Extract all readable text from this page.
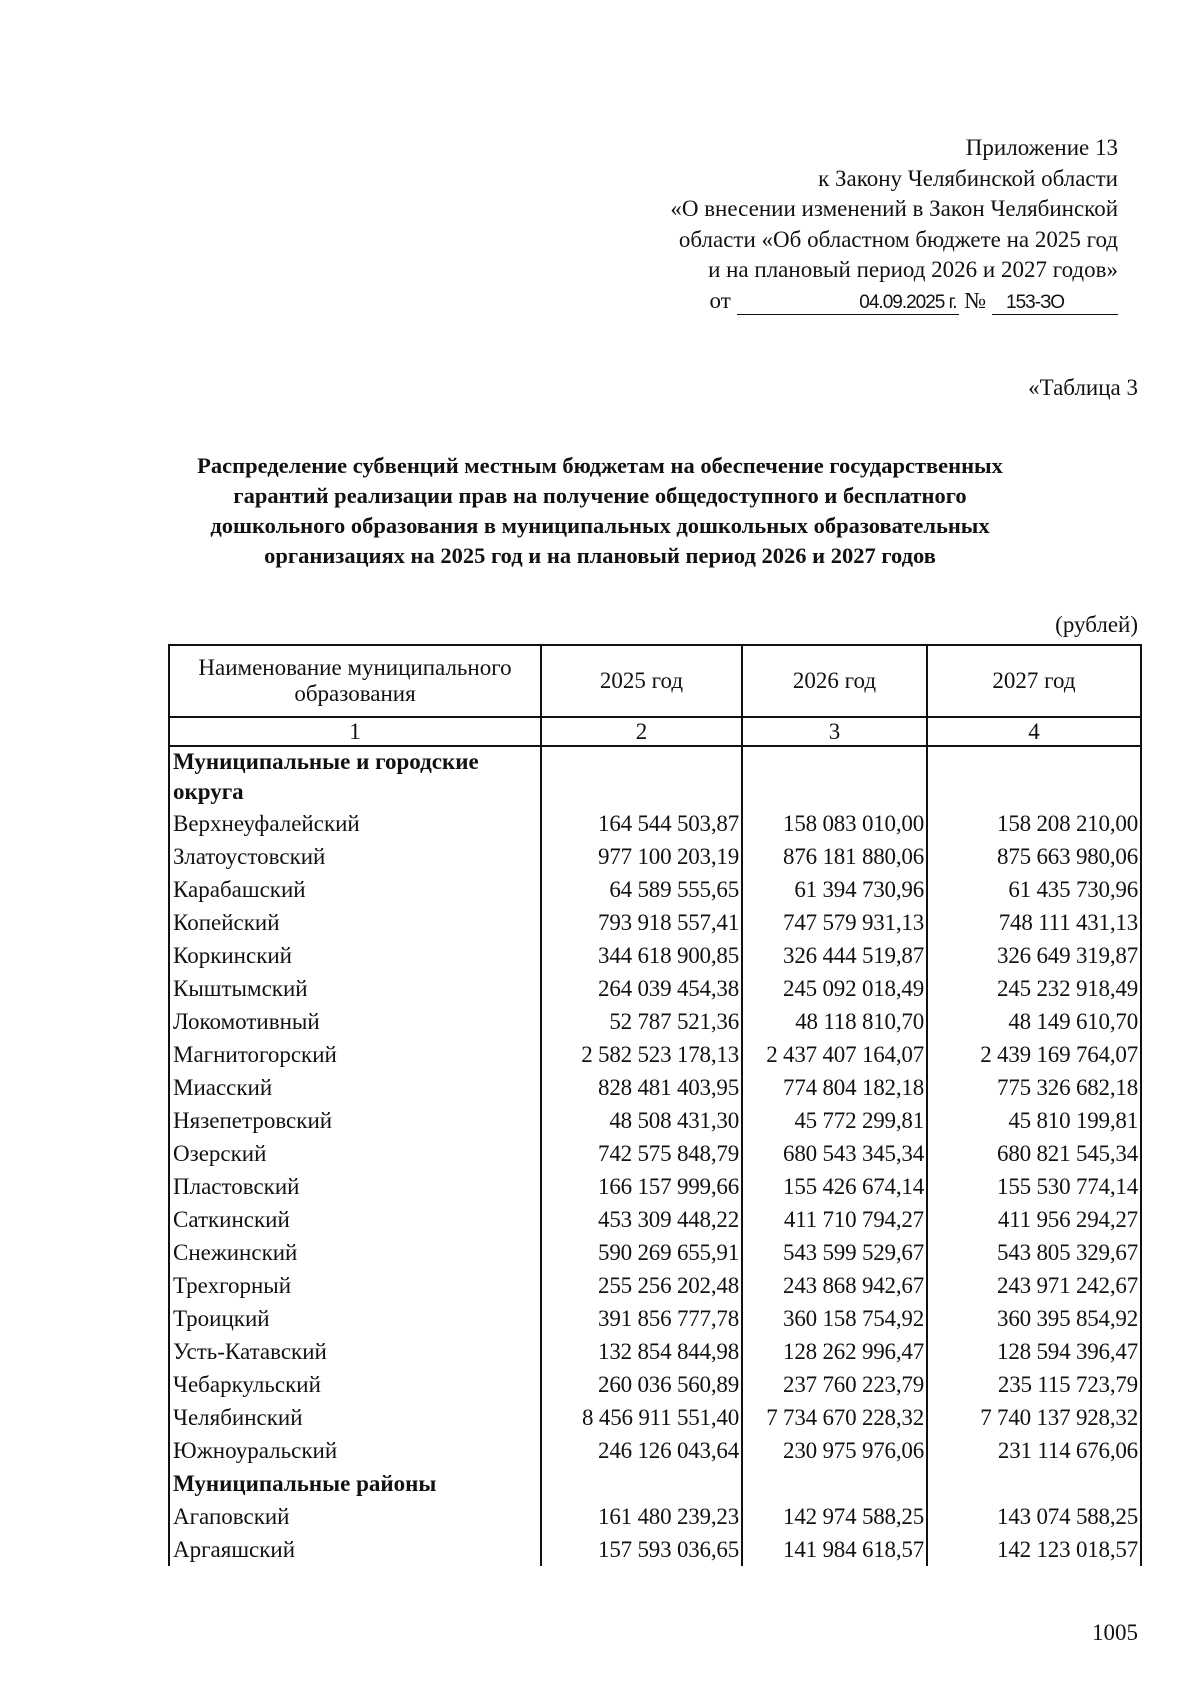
Приложение 13
к Закону Челябинской области
«О внесении изменений в Закон Челябинской
области «Об областном бюджете на 2025 год
и на плановый период 2026 и 2027 годов»
от	04.09.2025 г. № 153-ЗО
«Таблица 3
Распределение субвенций местным бюджетам на обеспечение государственных
гарантий реализации прав на получение общедоступного и бесплатного
дошкольного образования в муниципальных дошкольных образовательных
организациях на 2025 год и на плановый период 2026 и 2027 годов
(рублей)
Наименование муниципального образования	2025 год	2026 год	2027 год
1	2	3	4
Муниципальные и городские округа			
Верхнеуфалейский	164 544 503,87	158 083 010,00	158 208 210,00
Златоустовский	977 100 203,19	876 181 880,06	875 663 980,06
Карабашский	64 589 555,65	61 394 730,96	61 435 730,96
Копейский	793 918 557,41	747 579 931,13	748 111 431,13
Коркинский	344 618 900,85	326 444 519,87	326 649 319,87
Кыштымский	264 039 454,38	245 092 018,49	245 232 918,49
Локомотивный	52 787 521,36	48 118 810,70	48 149 610,70
Магнитогорский	2 582 523 178,13	2 437 407 164,07	2 439 169 764,07
Миасский	828 481 403,95	774 804 182,18	775 326 682,18
Нязепетровский	48 508 431,30	45 772 299,81	45 810 199,81
Озерский	742 575 848,79	680 543 345,34	680 821 545,34
Пластовский	166 157 999,66	155 426 674,14	155 530 774,14
Саткинский	453 309 448,22	411 710 794,27	411 956 294,27
Снежинский	590 269 655,91	543 599 529,67	543 805 329,67
Трехгорный	255 256 202,48	243 868 942,67	243 971 242,67
Троицкий	391 856 777,78	360 158 754,92	360 395 854,92
Усть-Катавский	132 854 844,98	128 262 996,47	128 594 396,47
Чебаркульский	260 036 560,89	237 760 223,79	235 115 723,79
Челябинский	8 456 911 551,40	7 734 670 228,32	7 740 137 928,32
Южноуральский	246 126 043,64	230 975 976,06	231 114 676,06
Муниципальные районы			
Агаповский	161 480 239,23	142 974 588,25	143 074 588,25
Аргаяшский	157 593 036,65	141 984 618,57	142 123 018,57
1005
